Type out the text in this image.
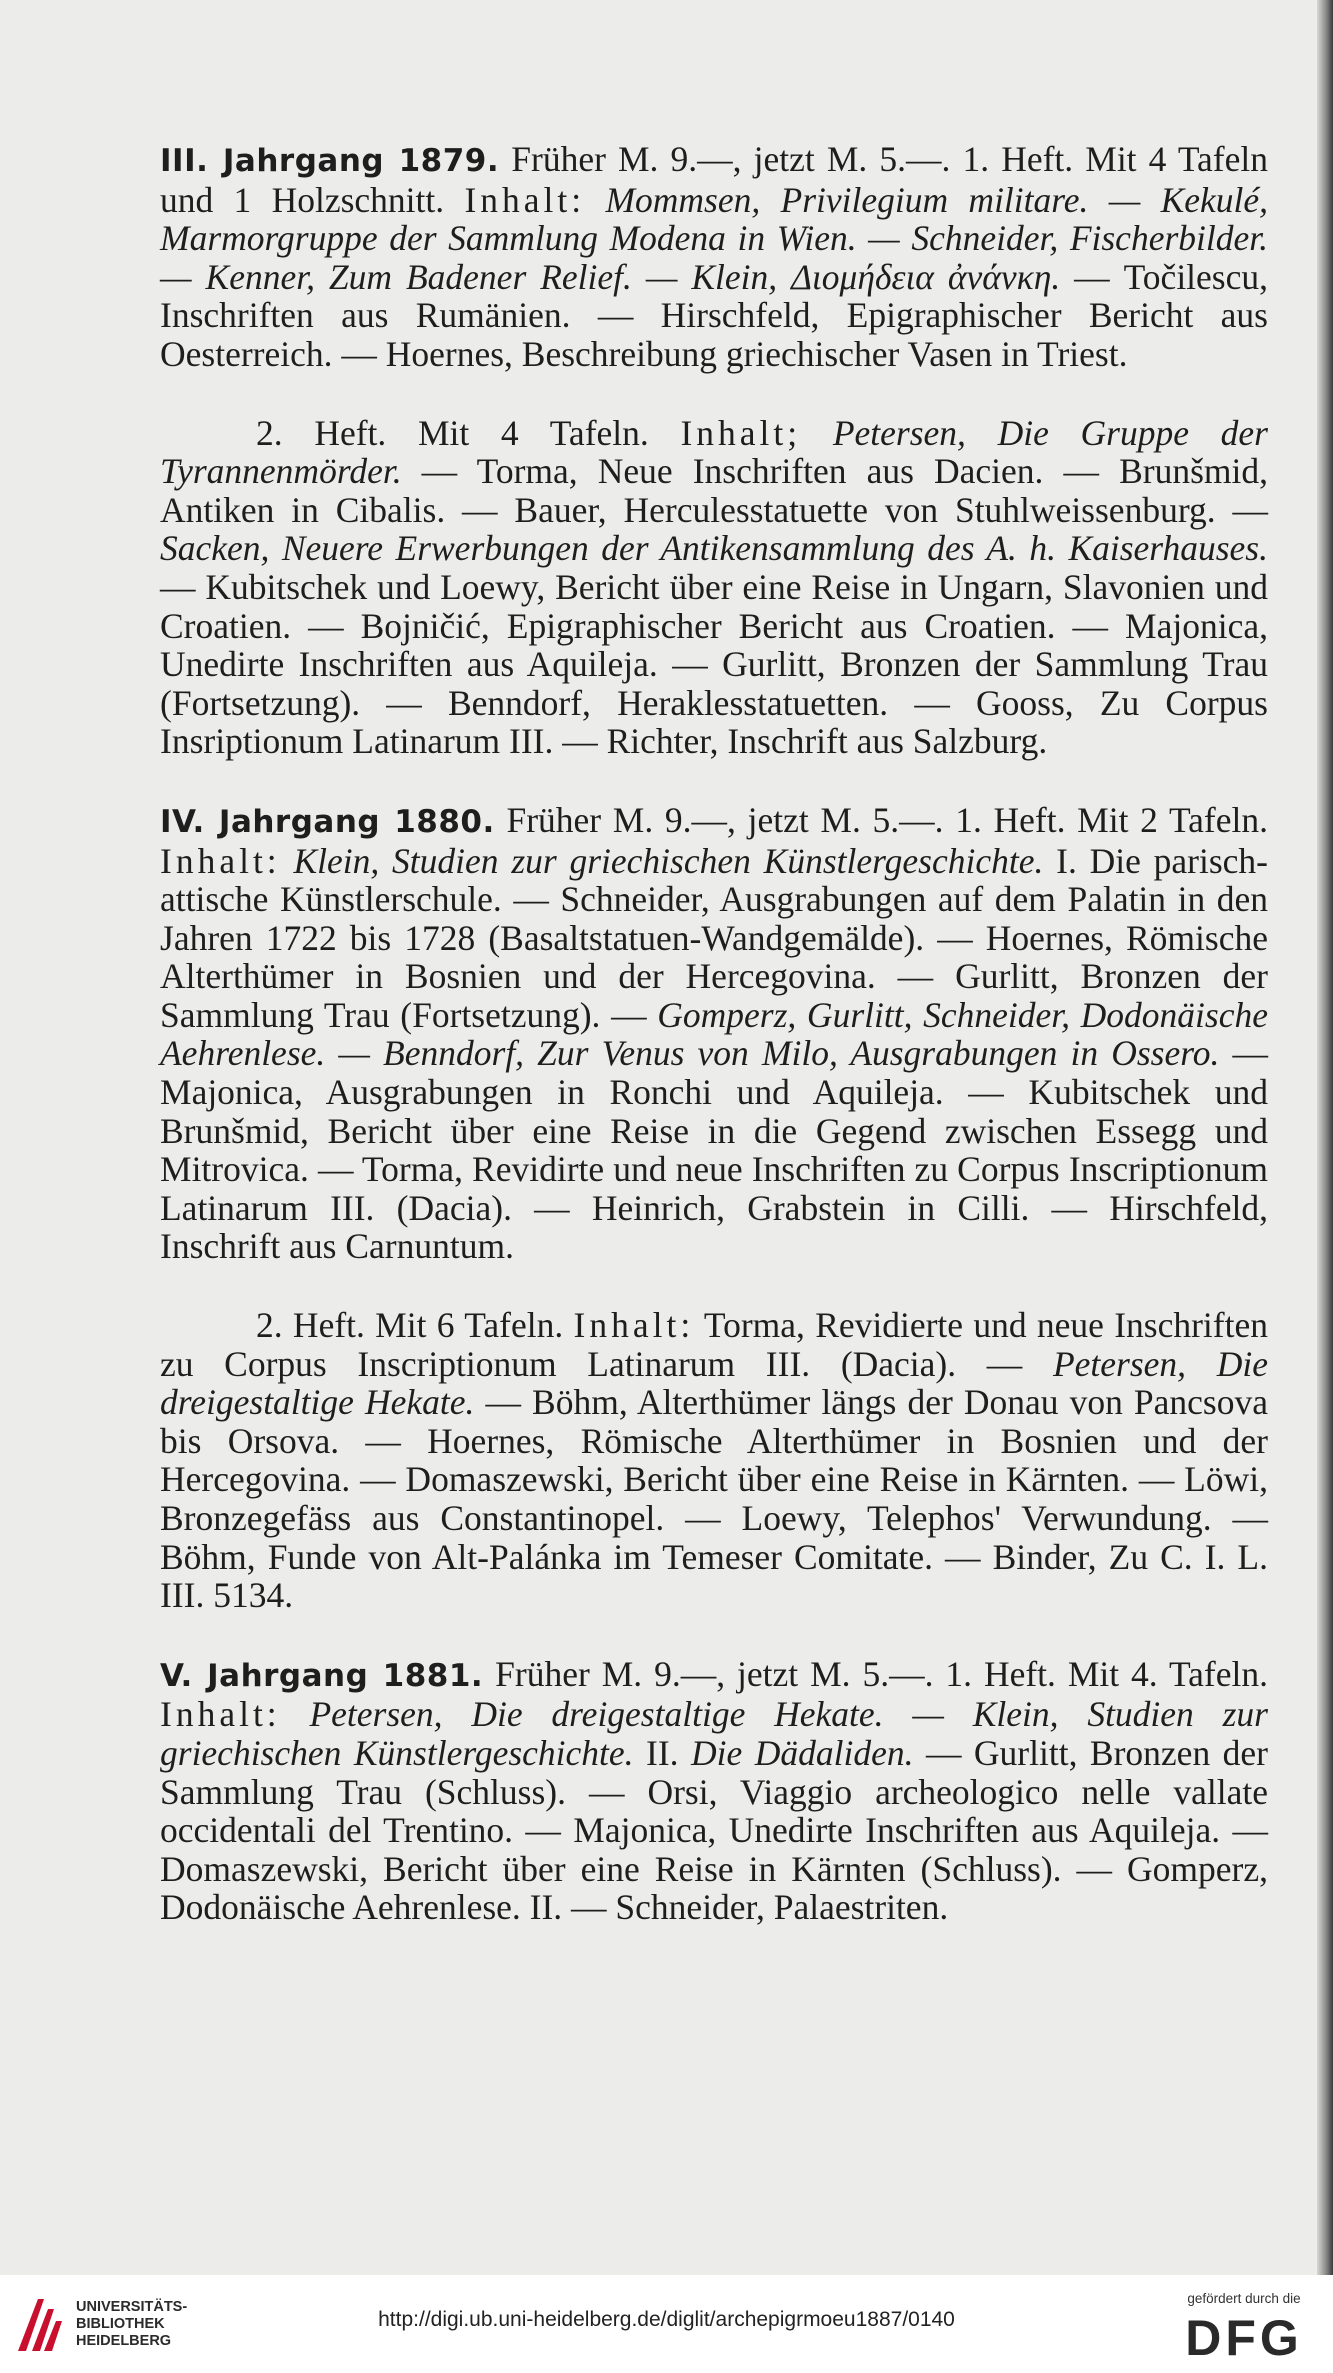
III. Jahrgang 1879. Früher M. 9.—, jetzt M. 5.—. 1. Heft. Mit 4 Tafeln und 1 Holzschnitt. Inhalt: Mommsen, Privilegium militare. — Kekulé, Marmorgruppe der Sammlung Modena in Wien. — Schneider, Fischerbilder. — Kenner, Zum Badener Relief. — Klein, Διομήδεια ἀνάνκη. — Točilescu, Inschriften aus Rumänien. — Hirschfeld, Epigraphischer Bericht aus Oesterreich. — Hoernes, Beschreibung griechischer Vasen in Triest.

2. Heft. Mit 4 Tafeln. Inhalt; Petersen, Die Gruppe der Tyrannenmörder. — Torma, Neue Inschriften aus Dacien. — Brunšmid, Antiken in Cibalis. — Bauer, Herculesstatuette von Stuhlweissenburg. — Sacken, Neuere Erwerbungen der Antikensammlung des A. h. Kaiserhauses. — Kubitschek und Loewy, Bericht über eine Reise in Ungarn, Slavonien und Croatien. — Bojničić, Epigraphischer Bericht aus Croatien. — Majonica, Unedirte Inschriften aus Aquileja. — Gurlitt, Bronzen der Sammlung Trau (Fortsetzung). — Benndorf, Heraklesstatuetten. — Gooss, Zu Corpus Insriptionum Latinarum III. — Richter, Inschrift aus Salzburg.

IV. Jahrgang 1880. Früher M. 9.—, jetzt M. 5.—. 1. Heft. Mit 2 Tafeln. Inhalt: Klein, Studien zur griechischen Künstlergeschichte. I. Die parisch-attische Künstlerschule. — Schneider, Ausgrabungen auf dem Palatin in den Jahren 1722 bis 1728 (Basaltstatuen-Wandgemälde). — Hoernes, Römische Alterthümer in Bosnien und der Hercegovina. — Gurlitt, Bronzen der Sammlung Trau (Fortsetzung). — Gomperz, Gurlitt, Schneider, Dodonäische Aehrenlese. — Benndorf, Zur Venus von Milo, Ausgrabungen in Ossero. — Majonica, Ausgrabungen in Ronchi und Aquileja. — Kubitschek und Brunšmid, Bericht über eine Reise in die Gegend zwischen Essegg und Mitrovica. — Torma, Revidirte und neue Inschriften zu Corpus Inscriptionum Latinarum III. (Dacia). — Heinrich, Grabstein in Cilli. — Hirschfeld, Inschrift aus Carnuntum.

2. Heft. Mit 6 Tafeln. Inhalt: Torma, Revidierte und neue Inschriften zu Corpus Inscriptionum Latinarum III. (Dacia). — Petersen, Die dreigestaltige Hekate. — Böhm, Alterthümer längs der Donau von Pancsova bis Orsova. — Hoernes, Römische Alterthümer in Bosnien und der Hercegovina. — Domaszewski, Bericht über eine Reise in Kärnten. — Löwi, Bronzegefäss aus Constantinopel. — Loewy, Telephos' Verwundung. — Böhm, Funde von Alt-Palánka im Temeser Comitate. — Binder, Zu C. I. L. III. 5134.

V. Jahrgang 1881. Früher M. 9.—, jetzt M. 5.—. 1. Heft. Mit 4. Tafeln. Inhalt: Petersen, Die dreigestaltige Hekate. — Klein, Studien zur griechischen Künstlergeschichte. II. Die Dädaliden. — Gurlitt, Bronzen der Sammlung Trau (Schluss). — Orsi, Viaggio archeologico nelle vallate occidentali del Trentino. — Majonica, Unedirte Inschriften aus Aquileja. — Domaszewski, Bericht über eine Reise in Kärnten (Schluss). — Gomperz, Dodonäische Aehrenlese. II. — Schneider, Palaestriten.

UNIVERSITÄTS-
BIBLIOTHEK
HEIDELBERG
http://digi.ub.uni-heidelberg.de/diglit/archepigrmoeu1887/0140
gefördert durch die
DFG
